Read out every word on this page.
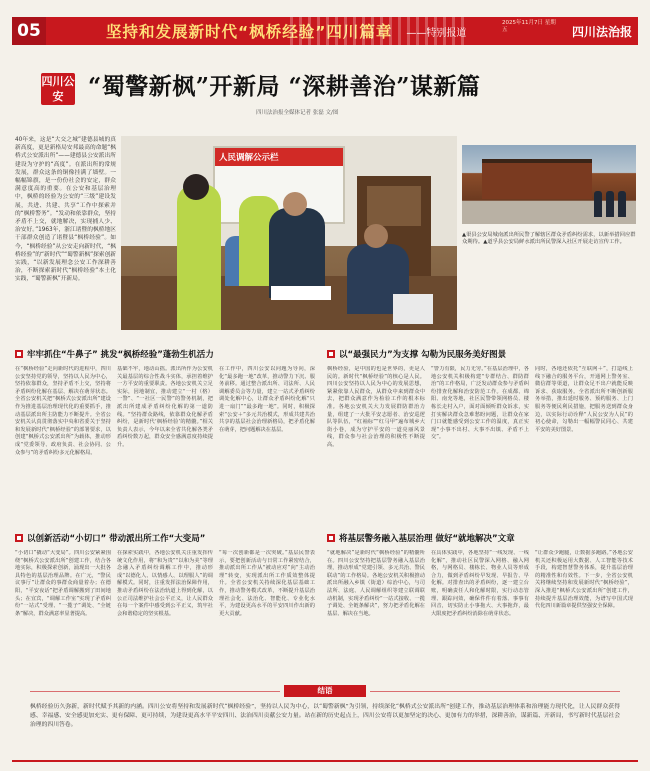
05	坚持和发展新时代“枫桥经验”四川篇章 ——特别报道
2025年11月7日 星期五	四川法治报
四川公安	“蜀警新枫”开新局 “深耕善治”谋新篇
四川法治报全媒体记者 张磊 文/图
40年来，这是“大交之城”建德县城的真新高度，更是新格局安邦最高的命题“枫桥式公安派出所”——建德县公安派出所建设为守护的“高度”。在派出所的常规发展，群众这条的铜像挂满了墙壁。一幅幅锦旗，是一份份社会的安定，群众满意度高的重要。在公安和基层治理中，枫桥的经验为公安的“三级”建设发展，共进、共建、共享“工作中探索并的“枫桥警务”。“发动和依靠群众，坚持矛盾不上交，就地解决，实现捕人少、治安好。”1963年，浙江诸暨的枫桥地区干部群众创造了诸暨县“枫桥经验”。如今，“枫桥经验”从公安走向新时代，“枫桥经验”的“新时代”“蜀警新枫”探索创新实践，“以新发展理念公安工作深耕善治，不断探索新时代“枫桥经验”本土化实践，“蜀警新枫”开新局。
人民调解公示栏
▲渠县公安局城南派出所民警了解辖区群众矛盾纠纷需求，以新举措回应群众期待。▲道孚县公安局鲜水派出所民警深入社区开展走访宣传工作。
牢牢抓住“牛鼻子” 挑发“枫桥经验”蓬勃生机活力
在“枫桥经验”走向新时代的进程中，四川公安坚持党的领导，坚持以人民为中心，坚持依靠群众，坚持矛盾不上交，坚持将矛盾纠纷化解在基层、解决在萌芽状态。全省公安机关把“枫桥式公安派出所”建设作为推进基层治理现代化的重要抓手，推动基层派出所主防能力不断提升。全省公安机关认真贯彻落实中央和省委关于坚持和发展新时代“枫桥经验”的部署要求，以创建“枫桥式公安派出所”为载体，推动形成“党委领导、政府负责、社会协同、公众参与”的矛盾纠纷多元化解格局。
基础不牢，地动山摇。派出所作为公安机关最基层的综合性战斗实体，承担着维护一方平安的重要职责。各地公安机关立足实际，因地制宜，推动建立“一村（格）一警”、“一社区一民警”的警务机制，把派出所建成矛盾纠纷化解的第一道防线。“坚持群众路线，依靠群众化解矛盾纠纷，是新时代‘枫桥经验’的精髓。”相关负责人表示，今年以来全省共化解各类矛盾纠纷数万起，群众安全感满意度持续提升。
在工作中，四川公安以问题为导向，深化“最多跑一地”改革，推动警力下沉、服务前移。通过整合派出所、司法所、人民调解委员会等力量，建立一站式矛盾纠纷调处化解中心，让群众矛盾纠纷化解“只进一扇门”“最多跑一地”。同时，积极探索“公安＋”多元共治模式，形成共建共治共享的基层社会治理新格局，把矛盾化解在萌芽，把问题解决在基层。
以“最强民力”为支撑 勾勒为民服务美好图景
枫桥经验，是中国的也是世界的，更是人民的。新时代“枫桥经验”的核心是人民。四川公安坚持以人民为中心的发展思想，紧紧依靠人民群众，从群众中来到群众中去，把群众满意作为检验工作的根本标准。各地公安机关大力发展群防群治力量，组建了一大批平安志愿者、治安巡逻队等队伍，“红袖标”“红马甲”遍布城乡大街小巷，成为守护平安的一道亮丽风景线，群众参与社会治理的积极性不断提高。
“警力有限，民力无穷。”在基层治理中，各地公安机关积极构建“专群结合、群防群治”的工作格局，广泛发动群众参与矛盾纠纷排查化解和治安防范工作。在成都、绵阳、南充等地，社区民警带领网格员、楼栋长走村入户，面对面倾听群众诉求，实打实解决群众急难愁盼问题，让群众在家门口就能感受到公安工作的温度，真正实现“小事不出村、大事不出镇、矛盾不上交”。
同时，各地还依托“互联网＋”，打造线上线下融合的服务平台，开通网上警务室、微信群等渠道，让群众足不出户就能反映诉求、获取服务。全省派出所不断创新服务举措，推出延时服务、预约服务、上门服务等便民利民措施，把服务送到群众身边，以实际行动诠释“人民公安为人民”的初心使命，勾勒出一幅幅警民同心、共建平安的美好图景。
以创新活动“小切口” 带动派出所工作“大变局”
“小切口”撬动“大变局”。四川公安紧紧围绕“枫桥式公安派出所”创建工作，结合各地实际，积极探索创新，涌现出一大批各具特色的基层治理品牌。在广元，“警民议事厅”让群众的事群众商量着办；在德阳，“平安夜话”把矛盾调解搬到了田间地头；在宜宾，“调解工作室”实现了矛盾纠纷“一站式”受理、“一揽子”调处、“全链条”解决，群众满意率显著提高。
在探索实践中，各地公安机关注重发挥传统文化作用，将“和为贵”“以和为美”等理念融入矛盾纠纷调解工作中，推动形成“以德化人、以情感人、以理服人”的调解模式。同时，注重发挥法治保障作用，推动矛盾纠纷在法治轨道上得到化解，以公正司法维护社会公平正义，让人民群众在每一个案件中感受到公平正义，筑牢社会和谐稳定的坚实根基。
“每一次创新都是一次突破。”基层民警表示，要把创新活动与日常工作紧密结合，推动派出所工作从“被动应对”向“主动治理”转变，实现派出所工作质效整体提升。全省公安机关持续深化基层基础工作，推动警务模式改革，不断提升基层治理社会化、法治化、智能化、专业化水平，为建设更高水平的平安四川作出新的更大贡献。
将基层警务融入基层治理 做好“就地解决”文章
“就地解决”是新时代“枫桥经验”的精髓所在。四川公安坚持把基层警务融入基层治理，推动形成“党建引领、多元共治、警民联动”的工作格局。各地公安机关积极推动派出所融入乡镇（街道）综治中心，与司法所、法庭、人民调解组织等建立联调联动机制，实现矛盾纠纷“一站式接收、一揽子调处、全链条解决”，努力把矛盾化解在基层、解决在当地。
在具体实践中，各地坚持“一线发现、一线化解”，推动社区民警深入网格、融入网格，与网格员、楼栋长、物业人员等形成合力，做到矛盾纠纷早发现、早报告、早化解。对排查出的矛盾纠纷，逐一建立台账，明确责任人和化解时限，实行动态管理、跟踪问效，确保件件有着落、事事有回音，切实防止小事拖大、大事拖炸，最大限度把矛盾纠纷消除在萌芽状态。
“让群众少跑腿，让数据多跑路。”各地公安机关还积极运用大数据、人工智能等技术手段，构建智慧警务体系，提升基层治理的精准性和有效性。下一步，全省公安机关将继续坚持和发展新时代“枫桥经验”，深入推进“枫桥式公安派出所”创建工作，持续提升基层治理效能，为谱写中国式现代化四川新篇章提供坚强安全保障。
结语
枫桥经验历久弥新，新时代赋予其新的内涵。四川公安将坚持和发展新时代“枫桥经验”，坚持以人民为中心，以“蜀警新枫”为引领，持续深化“枫桥式公安派出所”创建工作，推动基层治理体系和治理能力现代化，让人民群众获得感、幸福感、安全感更加充实、更有保障、更可持续，为建设更高水平平安四川、法治四川贡献公安力量。站在新的历史起点上，四川公安将以更加坚定的决心、更加有力的举措，深耕善治，谋新篇、开新局，书写新时代基层社会治理的四川答卷。
